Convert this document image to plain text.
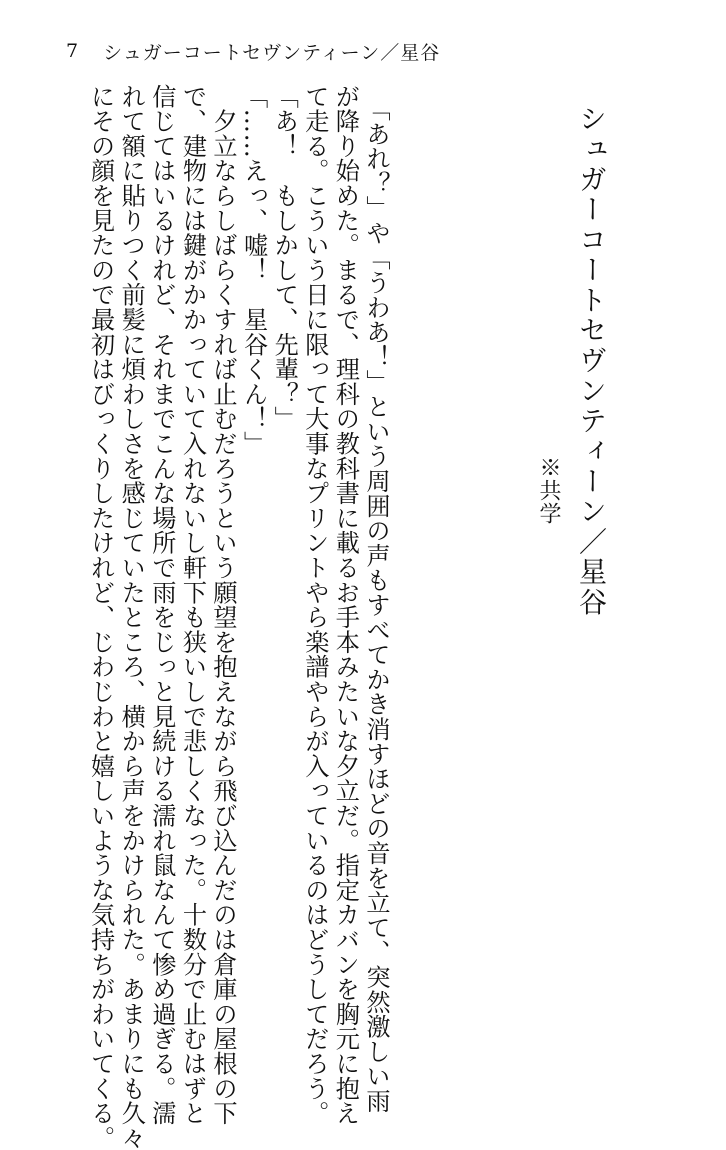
7 シュガーコートセヴンティーン／星谷
シュガーコートセヴンティーン／星谷
※共学
　「あれ？」や「うわあ！」という周囲の声もすべてかき消すほどの音を立て、突然激しい雨
が降り始めた。まるで、理科の教科書に載るお手本みたいな夕立だ。指定カバンを胸元に抱え
て走る。こういう日に限って大事なプリントやら楽譜やらが入っているのはどうしてだろう。
「あ！　もしかして、先輩？」
「……えっ、嘘！　星谷くん！」
　夕立ならしばらくすれば止むだろうという願望を抱えながら飛び込んだのは倉庫の屋根の下
で、建物には鍵がかかっていて入れないし軒下も狭いしで悲しくなった。十数分で止むはずと
信じてはいるけれど、それまでこんな場所で雨をじっと見続ける濡れ鼠なんて惨め過ぎる。濡
れて額に貼りつく前髪に煩わしさを感じていたところ、横から声をかけられた。あまりにも久々
にその顔を見たので最初はびっくりしたけれど、じわじわと嬉しいような気持ちがわいてくる。
